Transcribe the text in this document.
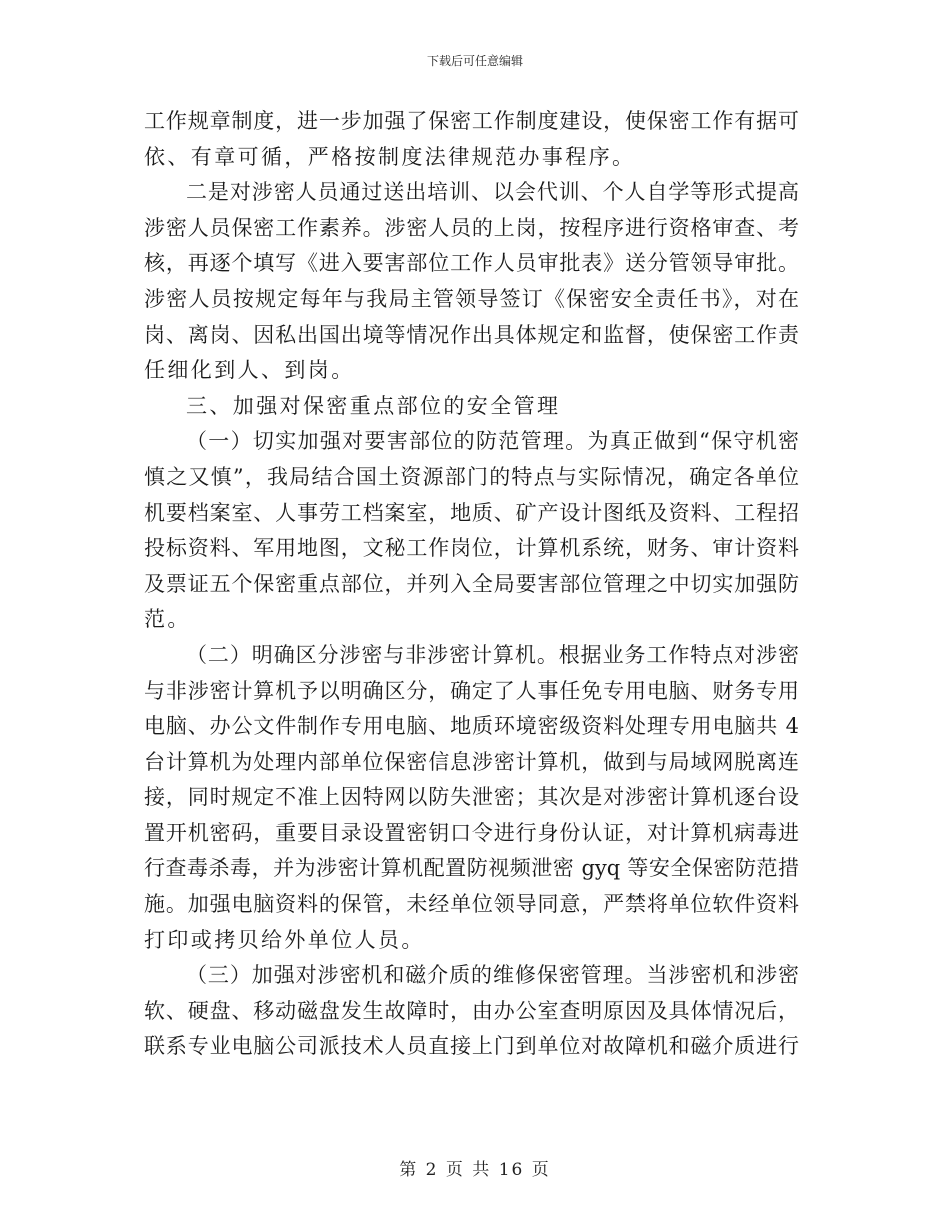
下载后可任意编辑
工作规章制度，进一步加强了保密工作制度建设，使保密工作有据可
依、有章可循，严格按制度法律规范办事程序。
二是对涉密人员通过送出培训、以会代训、个人自学等形式提高
涉密人员保密工作素养。涉密人员的上岗，按程序进行资格审查、考
核，再逐个填写《进入要害部位工作人员审批表》送分管领导审批。
涉密人员按规定每年与我局主管领导签订《保密安全责任书》，对在
岗、离岗、因私出国出境等情况作出具体规定和监督，使保密工作责
任细化到人、到岗。
三、加强对保密重点部位的安全管理
（一）切实加强对要害部位的防范管理。为真正做到“保守机密
慎之又慎”，我局结合国土资源部门的特点与实际情况，确定各单位
机要档案室、人事劳工档案室，地质、矿产设计图纸及资料、工程招
投标资料、军用地图，文秘工作岗位，计算机系统，财务、审计资料
及票证五个保密重点部位，并列入全局要害部位管理之中切实加强防
范。
（二）明确区分涉密与非涉密计算机。根据业务工作特点对涉密
与非涉密计算机予以明确区分，确定了人事任免专用电脑、财务专用
电脑、办公文件制作专用电脑、地质环境密级资料处理专用电脑共 4
台计算机为处理内部单位保密信息涉密计算机，做到与局域网脱离连
接，同时规定不准上因特网以防失泄密；其次是对涉密计算机逐台设
置开机密码，重要目录设置密钥口令进行身份认证，对计算机病毒进
行查毒杀毒，并为涉密计算机配置防视频泄密 gyq 等安全保密防范措
施。加强电脑资料的保管，未经单位领导同意，严禁将单位软件资料
打印或拷贝给外单位人员。
（三）加强对涉密机和磁介质的维修保密管理。当涉密机和涉密
软、硬盘、移动磁盘发生故障时，由办公室查明原因及具体情况后，
联系专业电脑公司派技术人员直接上门到单位对故障机和磁介质进行
第 2 页 共 16 页
